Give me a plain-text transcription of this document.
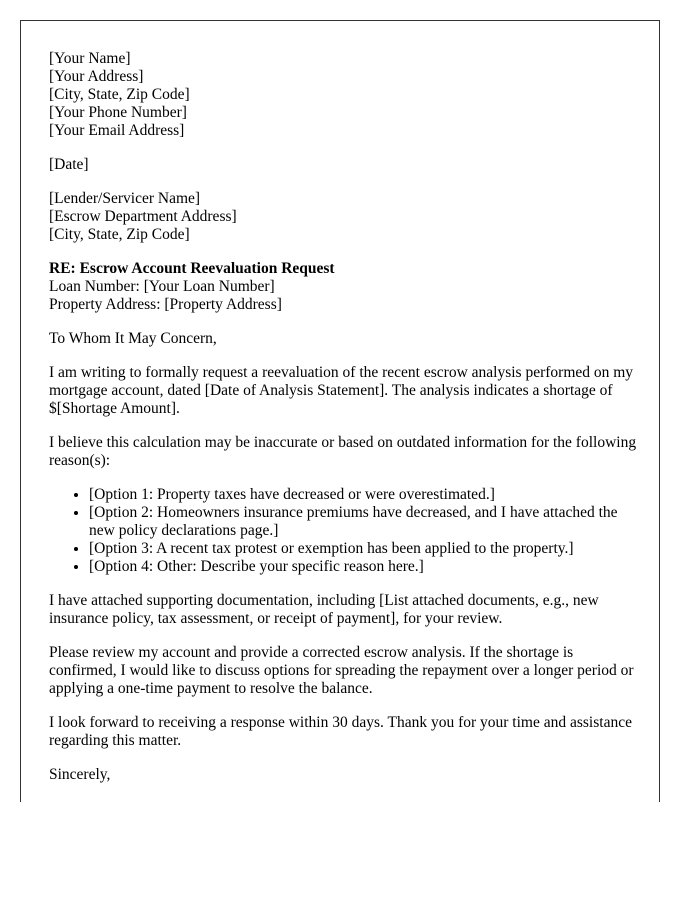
[Your Name]
[Your Address]
[City, State, Zip Code]
[Your Phone Number]
[Your Email Address]

[Date]

[Lender/Servicer Name]
[Escrow Department Address]
[City, State, Zip Code]
RE: Escrow Account Reevaluation Request
Loan Number: [Your Loan Number]
Property Address: [Property Address]

To Whom It May Concern,

I am writing to formally request a reevaluation of the recent escrow analysis performed on my mortgage account, dated [Date of Analysis Statement]. The analysis indicates a shortage of $[Shortage Amount].

I believe this calculation may be inaccurate or based on outdated information for the following reason(s):

• [Option 1: Property taxes have decreased or were overestimated.]
• [Option 2: Homeowners insurance premiums have decreased, and I have attached the new policy declarations page.]
• [Option 3: A recent tax protest or exemption has been applied to the property.]
• [Option 4: Other: Describe your specific reason here.]

I have attached supporting documentation, including [List attached documents, e.g., new insurance policy, tax assessment, or receipt of payment], for your review.

Please review my account and provide a corrected escrow analysis. If the shortage is confirmed, I would like to discuss options for spreading the repayment over a longer period or applying a one-time payment to resolve the balance.

I look forward to receiving a response within 30 days. Thank you for your time and assistance regarding this matter.

Sincerely,
